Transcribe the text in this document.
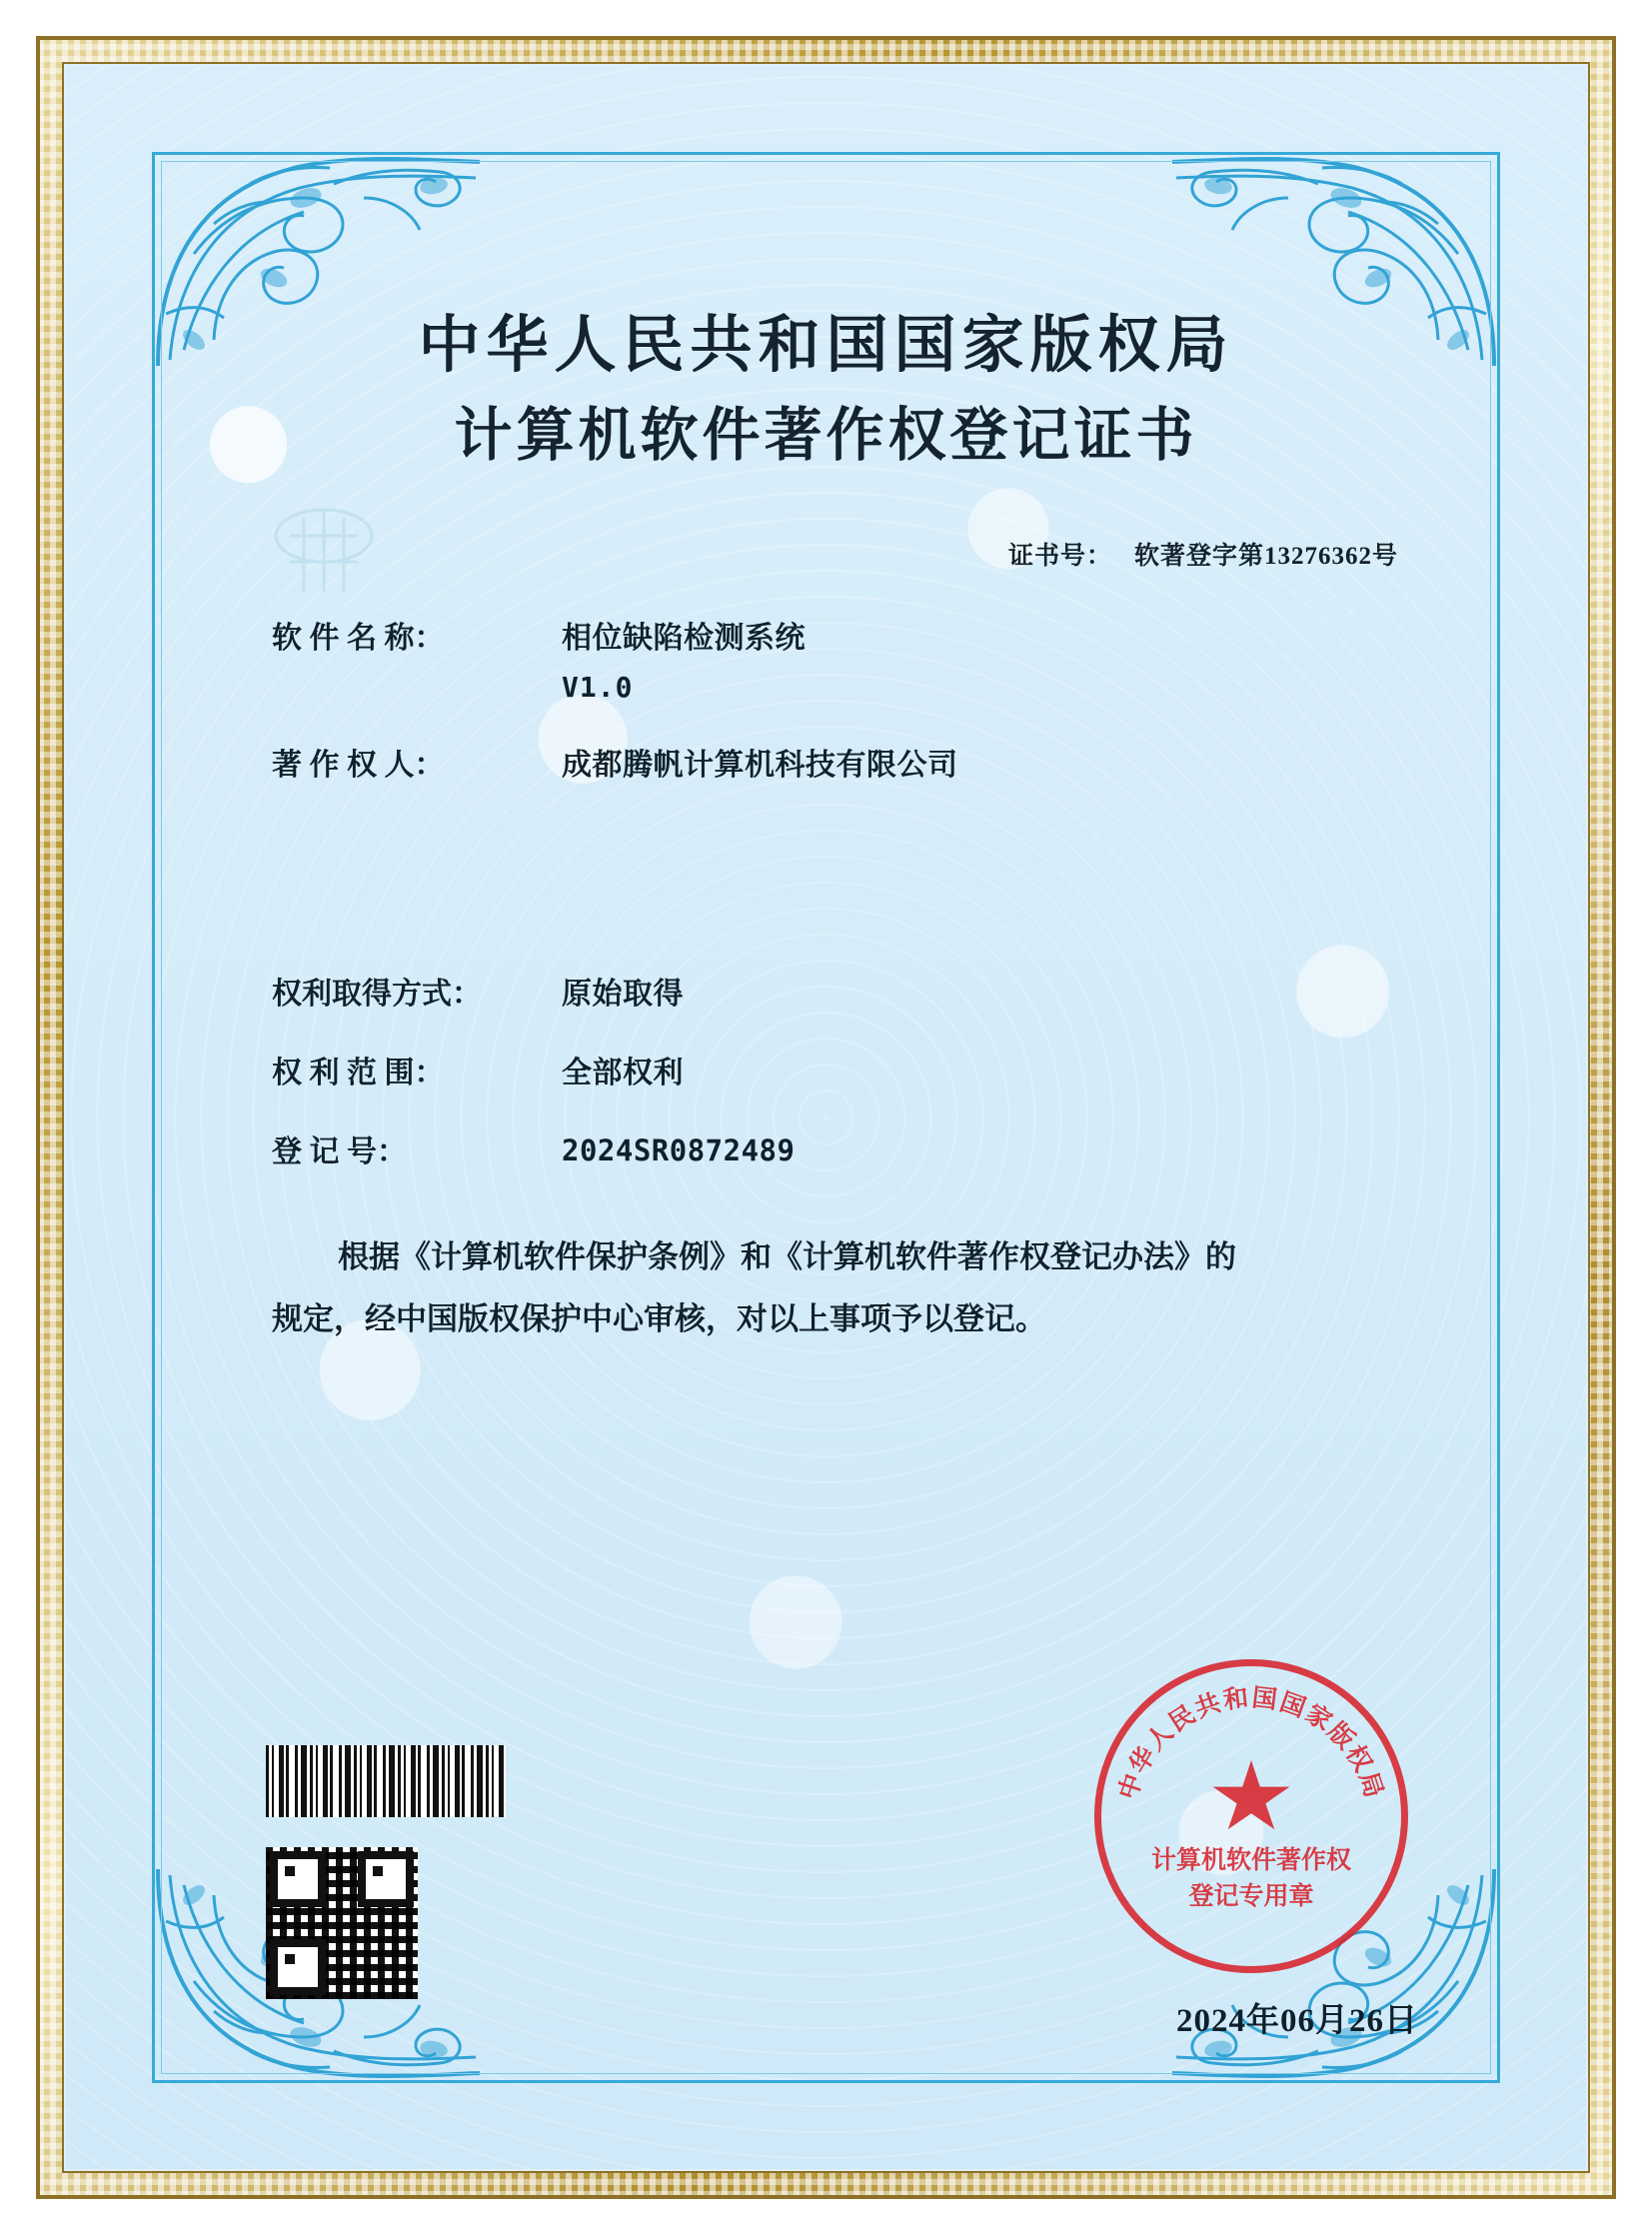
中华人民共和国国家版权局
计算机软件著作权登记证书
证书号： 软著登字第13276362号
软 件 名 称：	相位缺陷检测系统
V1.0
著 作 权 人：	成都腾帆计算机科技有限公司
权利取得方式：	原始取得
权 利 范 围：	全部权利
登 记 号：	2024SR0872489
根据《计算机软件保护条例》和《计算机软件著作权登记办法》的
规定，经中国版权保护中心审核，对以上事项予以登记。
中华人民共和国国家版权局
计算机软件著作权
登记专用章
2024年06月26日
